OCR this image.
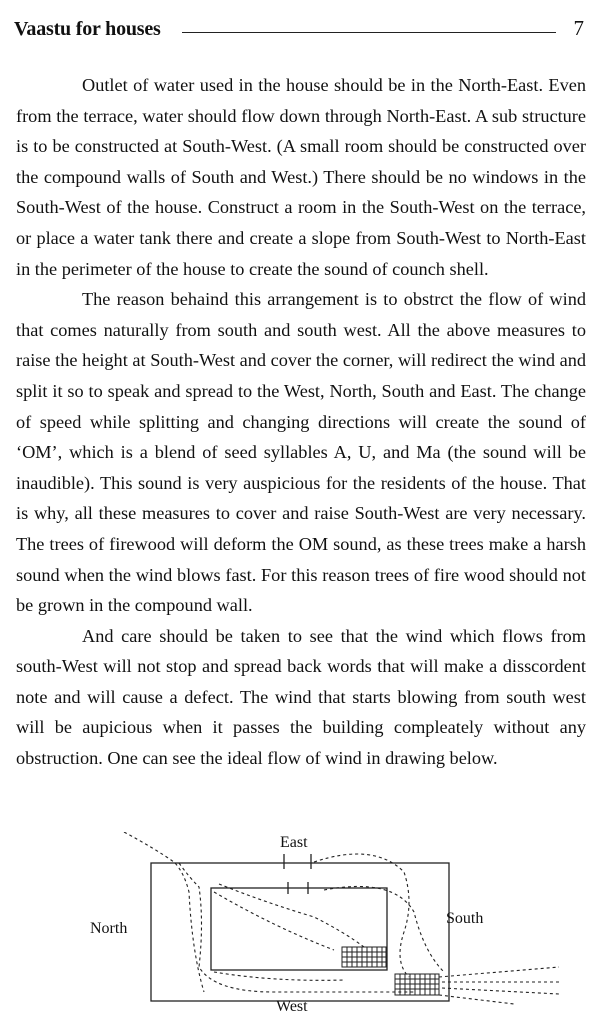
Vaastu for houses	7

Outlet of water used in the house should be in the North-East. Even from the terrace, water should flow down through North-East. A sub structure is to be constructed at South-West. (A small room should be constructed over the compound walls of South and West.) There should be no windows in the South-West of the house. Construct a room in the South-West on the terrace, or place a water tank there and create a slope from South-West to North-East in the perimeter of the house to create the sound of counch shell.

The reason behaind this arrangement is to obstrct the flow of wind that comes naturally from south and south west. All the above measures to raise the height at South-West and cover the corner, will redirect the wind and split it so to speak and spread to the West, North, South and East. The change of speed while splitting and changing directions will create the sound of ‘OM’, which is a blend of seed syllables A, U, and Ma (the sound will be inaudible). This sound is very auspicious for the residents of the house. That is why, all these measures to cover and raise South-West are very necessary. The trees of firewood will deform the OM sound, as these trees make a harsh sound when the wind blows fast. For this reason trees of fire wood should not be grown in the compound wall.

And care should be taken to see that the wind which flows from south-West will not stop and spread back words that will make a disscordent note and will cause a defect. The wind that starts blowing from south west will be aupicious when it passes the building compleately without any obstruction. One can see the ideal flow of wind in drawing below.

East
North
South
West
